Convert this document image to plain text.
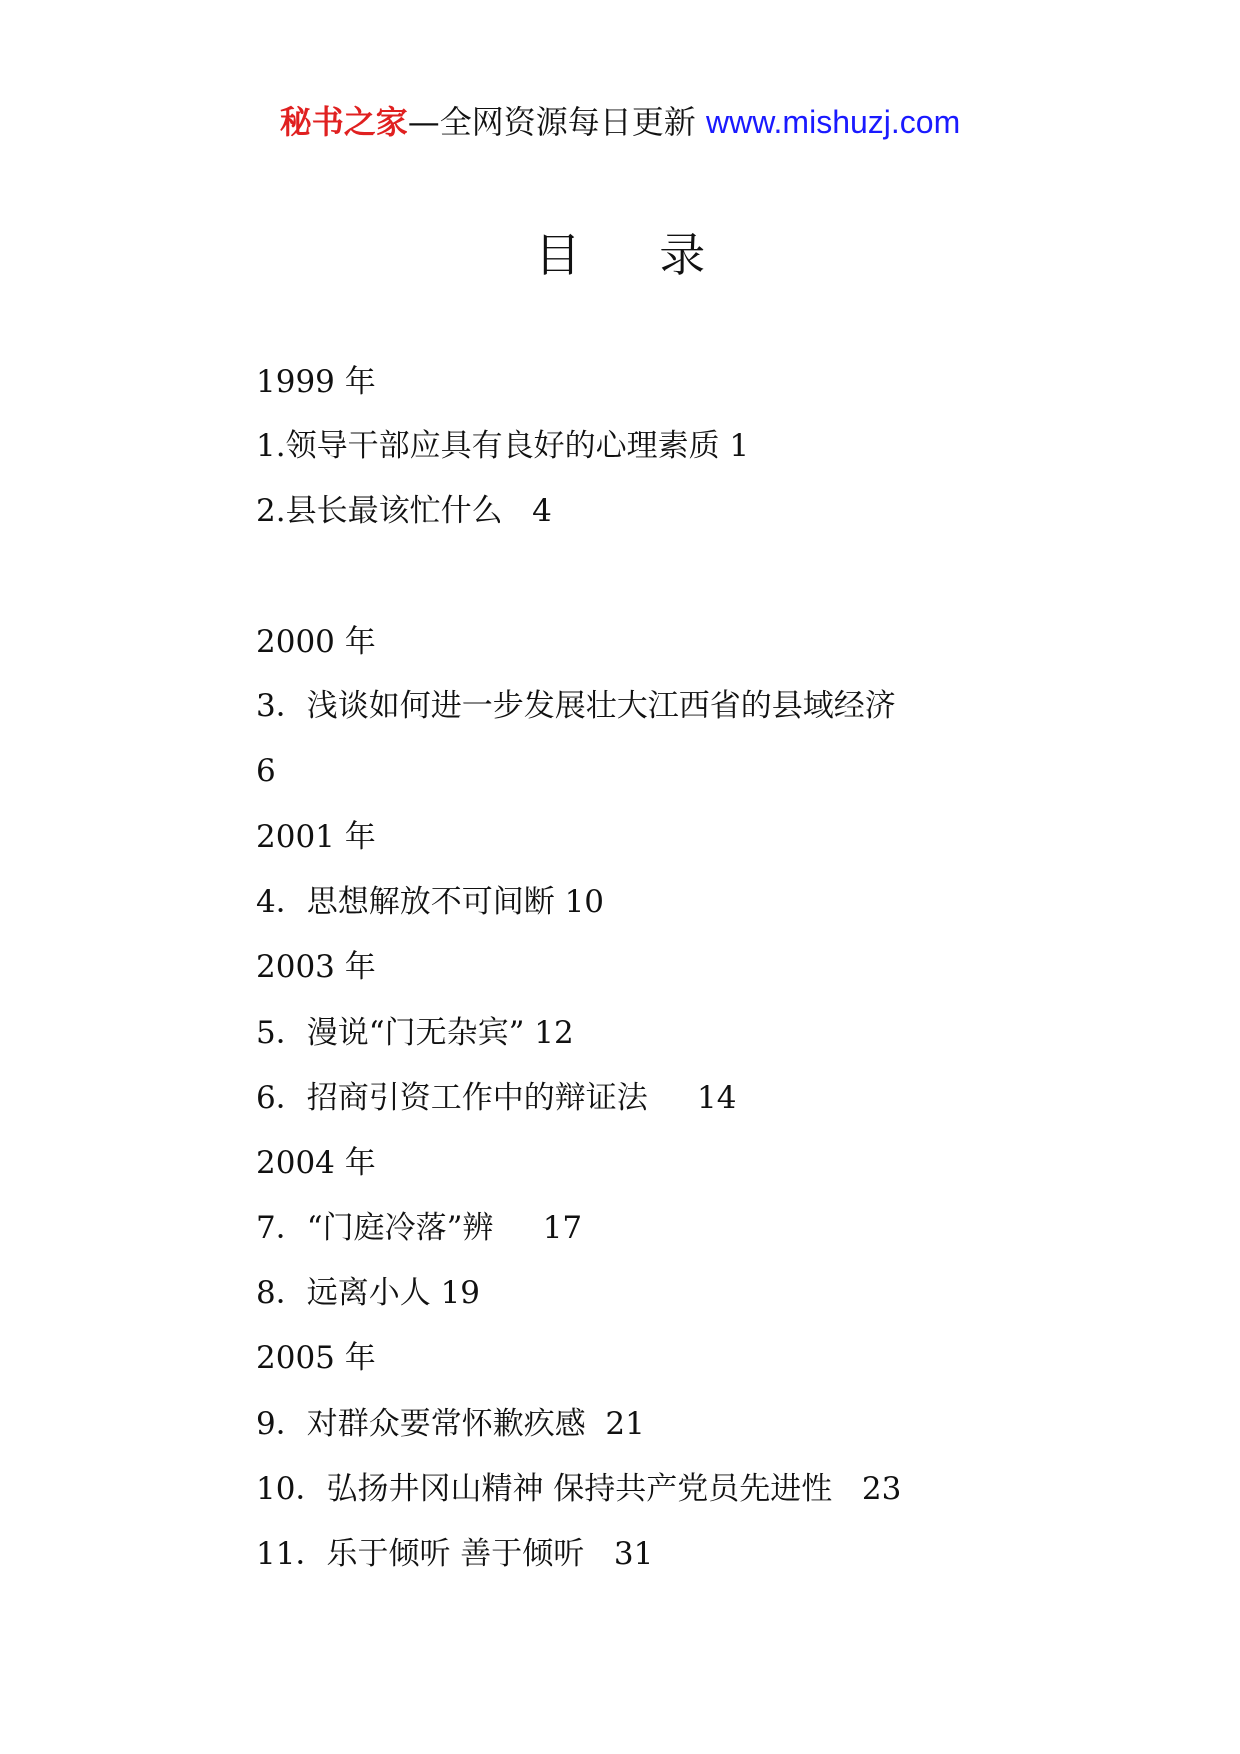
秘书之家—全网资源每日更新 www.mishuzj.com
目 录
1999 年
1.领导干部应具有良好的心理素质 1
2.县长最该忙什么   4
2000 年
3．浅谈如何进一步发展壮大江西省的县域经济
6
2001 年
4．思想解放不可间断 10
2003 年
5．漫说“门无杂宾” 12
6．招商引资工作中的辩证法     14
2004 年
7．“门庭冷落”辨     17
8．远离小人 19
2005 年
9．对群众要常怀歉疚感  21
10．弘扬井冈山精神 保持共产党员先进性   23
11．乐于倾听 善于倾听   31
